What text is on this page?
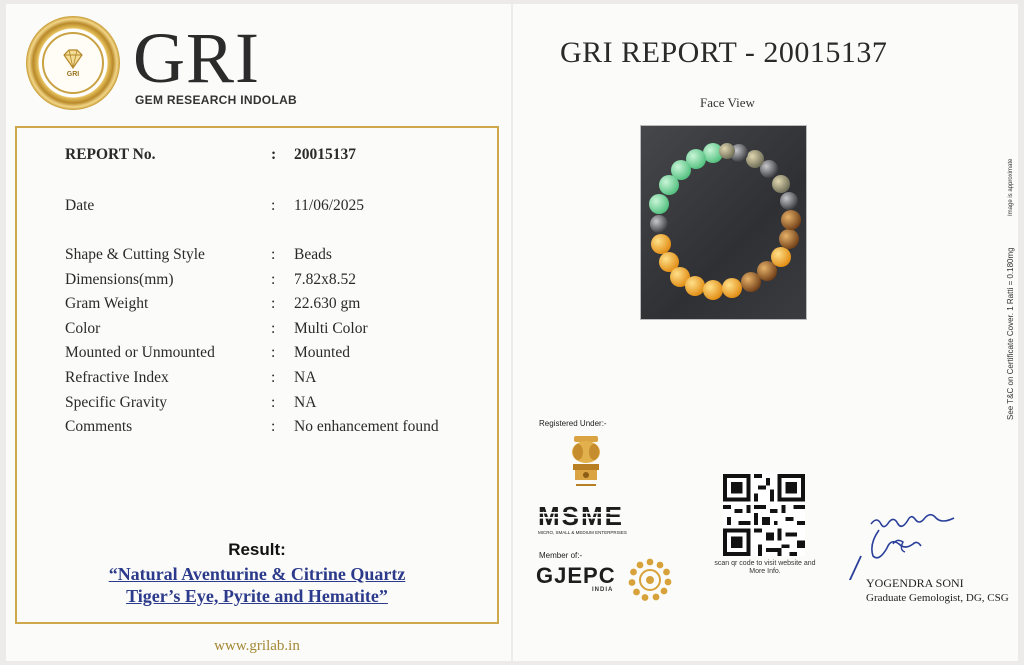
GRI GRI
GEM RESEARCH INDOLAB
REPORT No.	: 20015137
Date	: 11/06/2025
Shape & Cutting Style	: Beads
Dimensions(mm)	: 7.82x8.52
Gram Weight	: 22.630 gm
Color	: Multi Color
Mounted or Unmounted	: Mounted
Refractive Index	: NA
Specific Gravity	: NA
Comments	: No enhancement found
Result:
“Natural Aventurine & Citrine Quartz
Tiger’s Eye, Pyrite and Hematite”
www.grilab.in
GRI REPORT - 20015137
Face View
Image is approximate
See T&C on Certificate Cover. 1 Ratti = 0.180mg
Registered Under:-
MICRO, SMALL & MEDIUM ENTERPRISES
Member of:-
GJEPC
INDIA
scan qr code to visit website and More Info.
YOGENDRA SONI
Graduate Gemologist, DG, CSG
